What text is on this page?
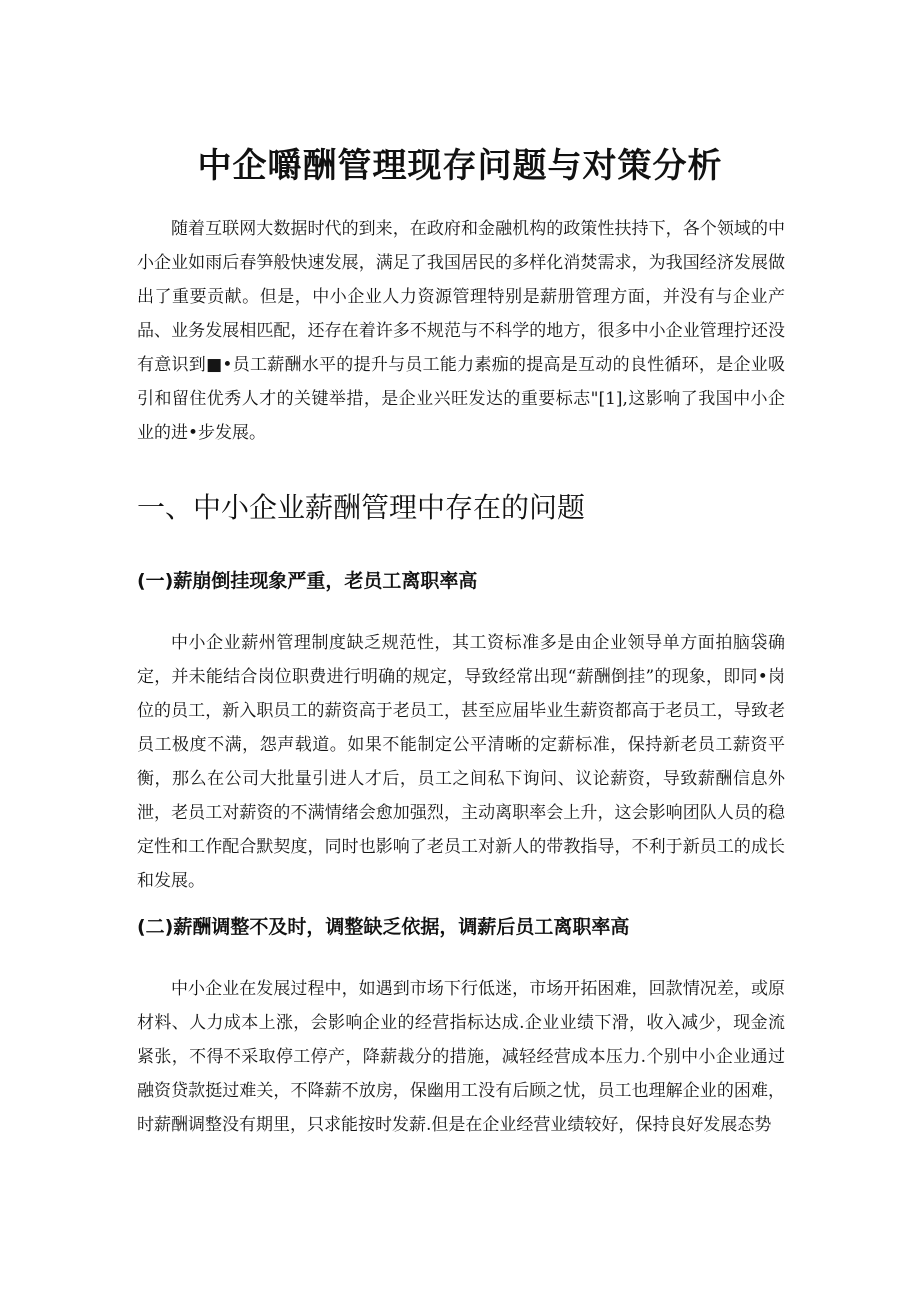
中企嚼酬管理现存问题与对策分析

随着互联网大数据时代的到来，在政府和金融机构的政策性扶持下，各个领域的中小企业如雨后春笋般快速发展，满足了我国居民的多样化消焚需求，为我国经济发展做出了重要贡献。但是，中小企业人力资源管理特别是薪册管理方面，并没有与企业产品、业务发展相匹配，还存在着许多不规范与不科学的地方，很多中小企业管理拧还没有意识到■•员工薪酬水平的提升与员工能力素痂的提高是互动的良性循环，是企业吸引和留住优秀人才的关键举措，是企业兴旺发达的重要标志"[1],这影响了我国中小企业的进•步发展。

一、中小企业薪酬管理中存在的问题
(一)薪崩倒挂现象严重，老员工离职率高

中小企业薪州管理制度缺乏规范性，其工资标准多是由企业领导单方面拍脑袋确定，并未能结合岗位职费进行明确的规定，导致经常出现“薪酬倒挂”的现象，即同•岗位的员工，新入职员工的薪资高于老员工，甚至应届毕业生薪资都高于老员工，导致老员工极度不满，怨声载道。如果不能制定公平清晰的定薪标准，保持新老员工薪资平衡，那么在公司大批量引进人才后，员工之间私下询问、议论薪资，导致薪酬信息外泄，老员工对薪资的不满情绪会愈加强烈，主动离职率会上升，这会影响团队人员的稳定性和工作配合默契度，同时也影响了老员工对新人的带教指导，不利于新员工的成长和发展。

(二)薪酬调整不及时，调整缺乏依据，调薪后员工离职率高

中小企业在发展过程中，如遇到市场下行低迷，市场开拓困难，回款情况差，或原材料、人力成本上涨，会影响企业的经营指标达成.企业业绩下滑，收入减少，现金流紧张，不得不采取停工停产，降薪裁分的措施，减轻经营成本压力.个别中小企业通过融资贷款挺过难关，不降薪不放房，保幽用工没有后顾之忧，员工也理解企业的困难，时薪酬调整没有期里，只求能按时发薪.但是在企业经营业绩较好，保持良好发展态势
